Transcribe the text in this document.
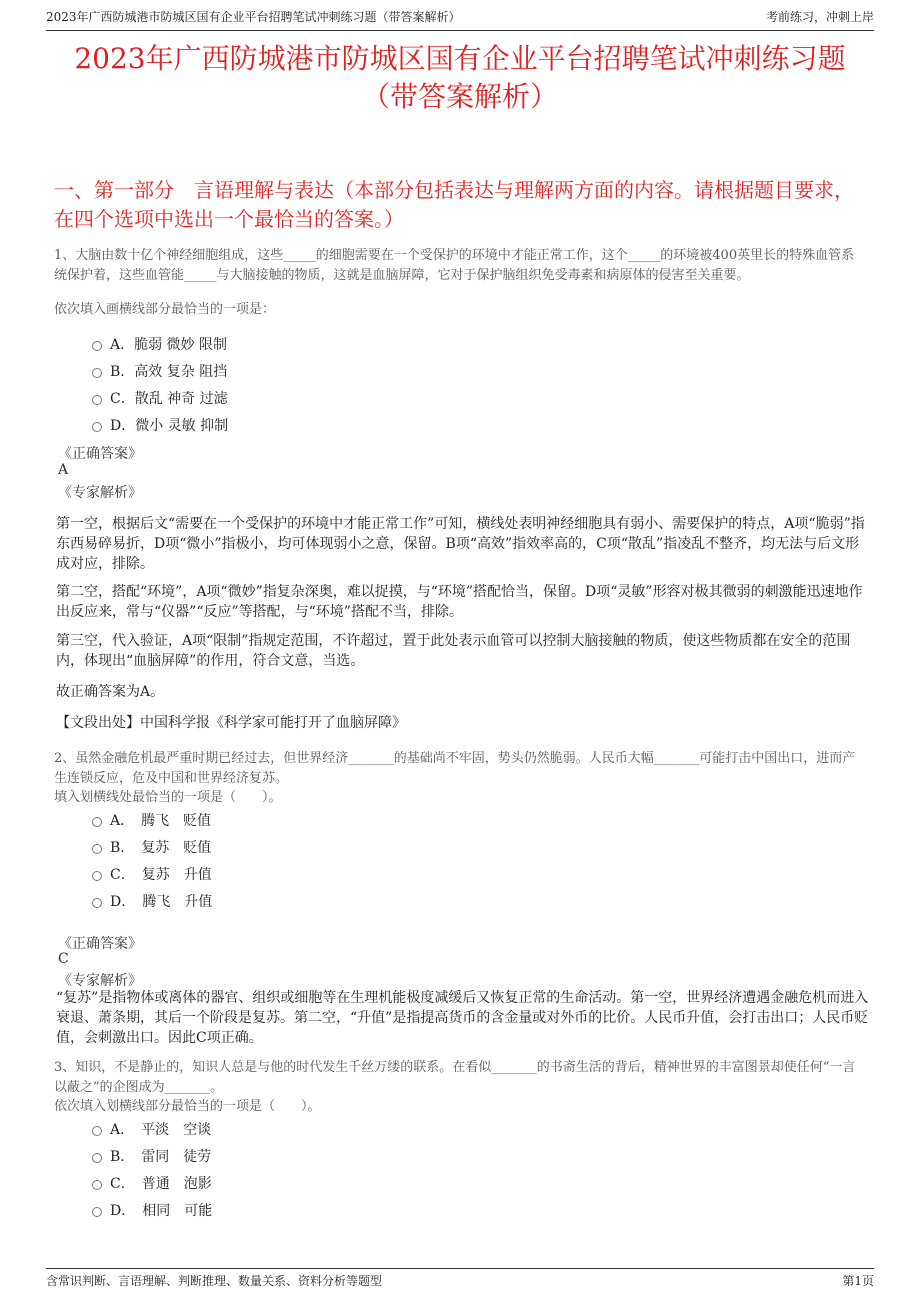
2023年广西防城港市防城区国有企业平台招聘笔试冲刺练习题（带答案解析）	考前练习，冲刺上岸
2023年广西防城港市防城区国有企业平台招聘笔试冲刺练习题
（带答案解析）
一、第一部分　言语理解与表达（本部分包括表达与理解两方面的内容。请根据题目要求，在四个选项中选出一个最恰当的答案。）
1、大脑由数十亿个神经细胞组成，这些_____的细胞需要在一个受保护的环境中才能正常工作，这个_____的环境被400英里长的特殊血管系统保护着，这些血管能_____与大脑接触的物质，这就是血脑屏障，它对于保护脑组织免受毒素和病原体的侵害至关重要。
依次填入画横线部分最恰当的一项是：
A．脆弱 微妙 限制
B．高效 复杂 阻挡
C．散乱 神奇 过滤
D．微小 灵敏 抑制
《正确答案》
A
《专家解析》
第一空，根据后文“需要在一个受保护的环境中才能正常工作”可知，横线处表明神经细胞具有弱小、需要保护的特点，A项“脆弱”指东西易碎易折，D项“微小”指极小，均可体现弱小之意，保留。B项“高效”指效率高的，C项“散乱”指凌乱不整齐，均无法与后文形成对应，排除。
第二空，搭配“环境”，A项“微妙”指复杂深奥，难以捉摸，与“环境”搭配恰当，保留。D项“灵敏”形容对极其微弱的刺激能迅速地作出反应来，常与“仪器”“反应”等搭配，与“环境”搭配不当，排除。
第三空，代入验证，A项“限制”指规定范围，不许超过，置于此处表示血管可以控制大脑接触的物质，使这些物质都在安全的范围内，体现出“血脑屏障”的作用，符合文意，当选。
故正确答案为A。
【文段出处】中国科学报《科学家可能打开了血脑屏障》
2、虽然金融危机最严重时期已经过去，但世界经济_______的基础尚不牢固，势头仍然脆弱。人民币大幅_______可能打击中国出口，进而产生连锁反应，危及中国和世界经济复苏。
填入划横线处最恰当的一项是（　　）。
A．　腾飞　贬值
B．　复苏　贬值
C．　复苏　升值
D．　腾飞　升值
《正确答案》
C
《专家解析》
“复苏”是指物体或离体的器官、组织或细胞等在生理机能极度减缓后又恢复正常的生命活动。第一空，世界经济遭遇金融危机而进入衰退、萧条期，其后一个阶段是复苏。第二空，“升值”是指提高货币的含金量或对外币的比价。人民币升值，会打击出口；人民币贬值，会刺激出口。因此C项正确。
3、知识，不是静止的，知识人总是与他的时代发生千丝万缕的联系。在看似_______的书斋生活的背后，精神世界的丰富图景却使任何“一言以蔽之”的企图成为_______。
依次填入划横线部分最恰当的一项是（　　）。
A．　平淡　空谈
B．　雷同　徒劳
C．　普通　泡影
D．　相同　可能
含常识判断、言语理解、判断推理、数量关系、资料分析等题型	第1页
